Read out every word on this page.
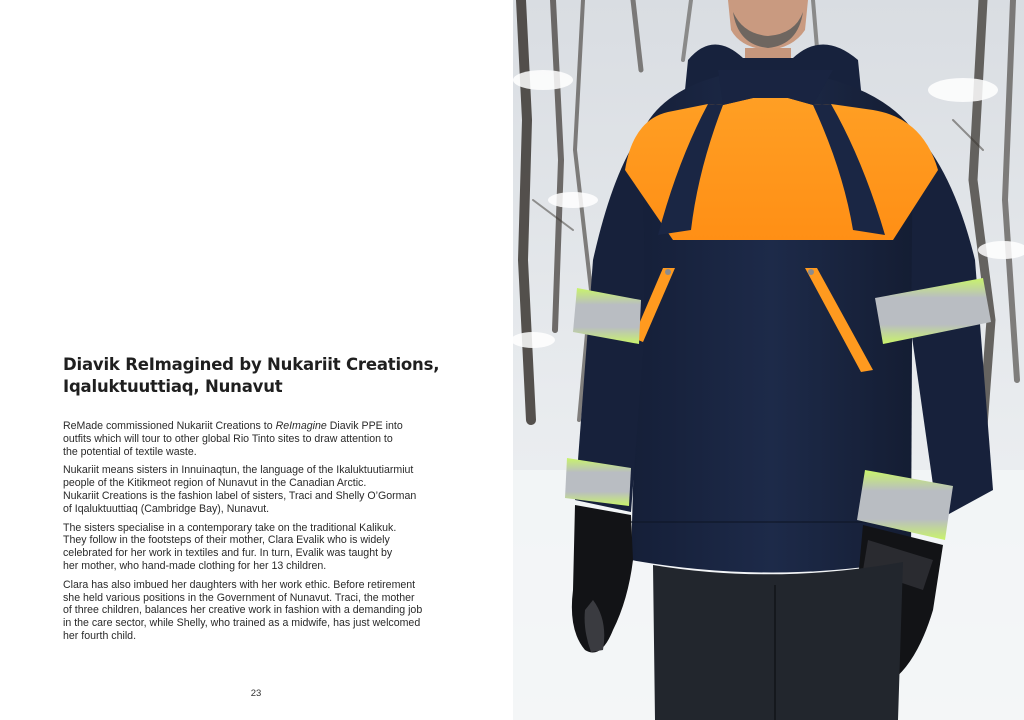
Diavik ReImagined by Nukariit Creations,
Iqaluktuuttiaq, Nunavut

ReMade commissioned Nukariit Creations to ReImagine Diavik PPE into
outfits which will tour to other global Rio Tinto sites to draw attention to
the potential of textile waste.

Nukariit means sisters in Innuinaqtun, the language of the Ikaluktuutiarmiut
people of the Kitikmeot region of Nunavut in the Canadian Arctic.
Nukariit Creations is the fashion label of sisters, Traci and Shelly O’Gorman
of Iqaluktuuttiaq (Cambridge Bay), Nunavut.

The sisters specialise in a contemporary take on the traditional Kalikuk.
They follow in the footsteps of their mother, Clara Evalik who is widely
celebrated for her work in textiles and fur. In turn, Evalik was taught by
her mother, who hand-made clothing for her 13 children.

Clara has also imbued her daughters with her work ethic. Before retirement
she held various positions in the Government of Nunavut. Traci, the mother
of three children, balances her creative work in fashion with a demanding job
in the care sector, while Shelly, who trained as a midwife, has just welcomed
her fourth child.

23
